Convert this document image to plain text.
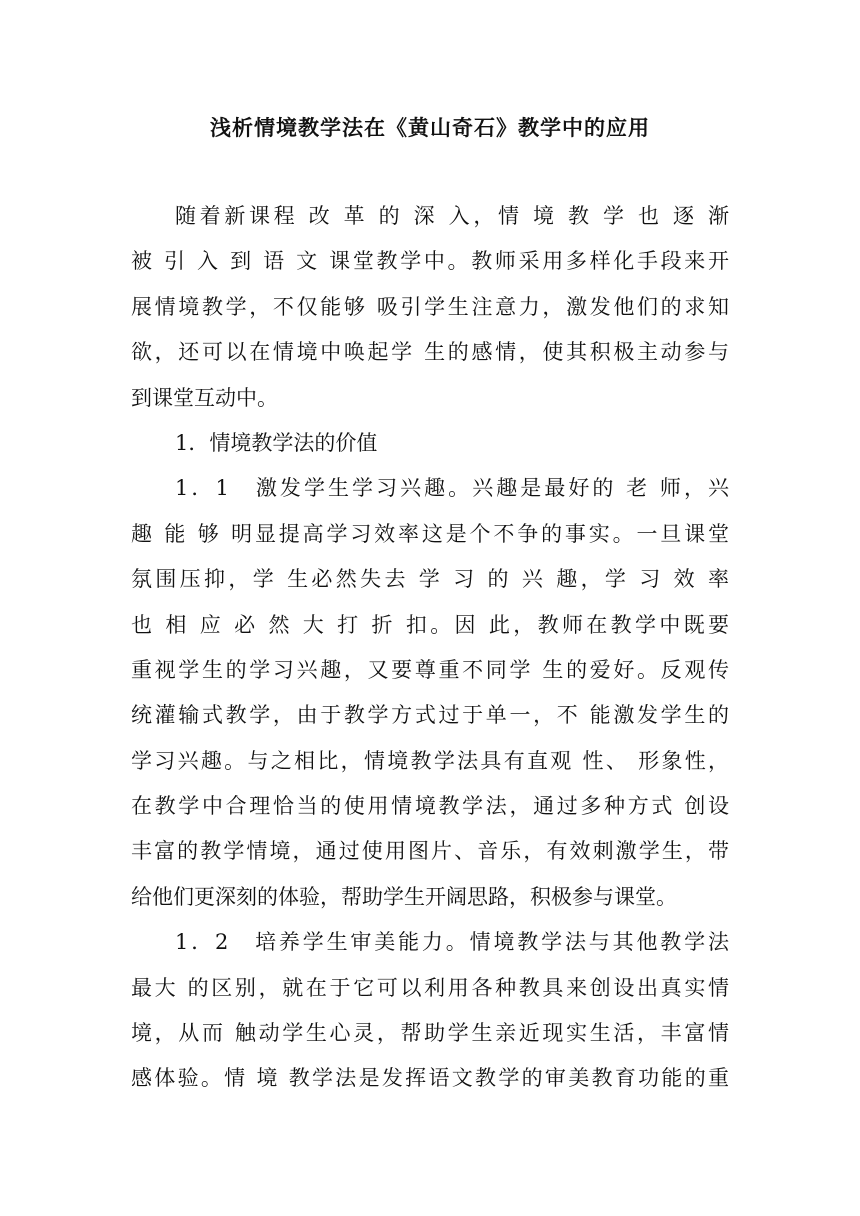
浅析情境教学法在《黄山奇石》教学中的应用
随着新课程 改 革 的 深 入，情 境 教 学 也 逐 渐
被 引 入 到 语 文 课堂教学中。教师采用多样化手段来开
展情境教学，不仅能够 吸引学生注意力，激发他们的求知
欲，还可以在情境中唤起学 生的感情，使其积极主动参与
到课堂互动中。
1．情境教学法的价值
1．1　激发学生学习兴趣。兴趣是最好的 老 师，兴
趣 能 够 明显提高学习效率这是个不争的事实。一旦课堂
氛围压抑，学 生必然失去 学 习 的 兴 趣，学 习 效 率
也 相 应 必 然 大 打 折 扣。因 此，教师在教学中既要
重视学生的学习兴趣，又要尊重不同学 生的爱好。反观传
统灌输式教学，由于教学方式过于单一，不 能激发学生的
学习兴趣。与之相比，情境教学法具有直观 性、 形象性，
在教学中合理恰当的使用情境教学法，通过多种方式 创设
丰富的教学情境，通过使用图片、音乐，有效刺激学生，带
给他们更深刻的体验，帮助学生开阔思路，积极参与课堂。
1．2　培养学生审美能力。情境教学法与其他教学法
最大 的区别，就在于它可以利用各种教具来创设出真实情
境，从而 触动学生心灵，帮助学生亲近现实生活，丰富情
感体验。情 境 教学法是发挥语文教学的审美教育功能的重
